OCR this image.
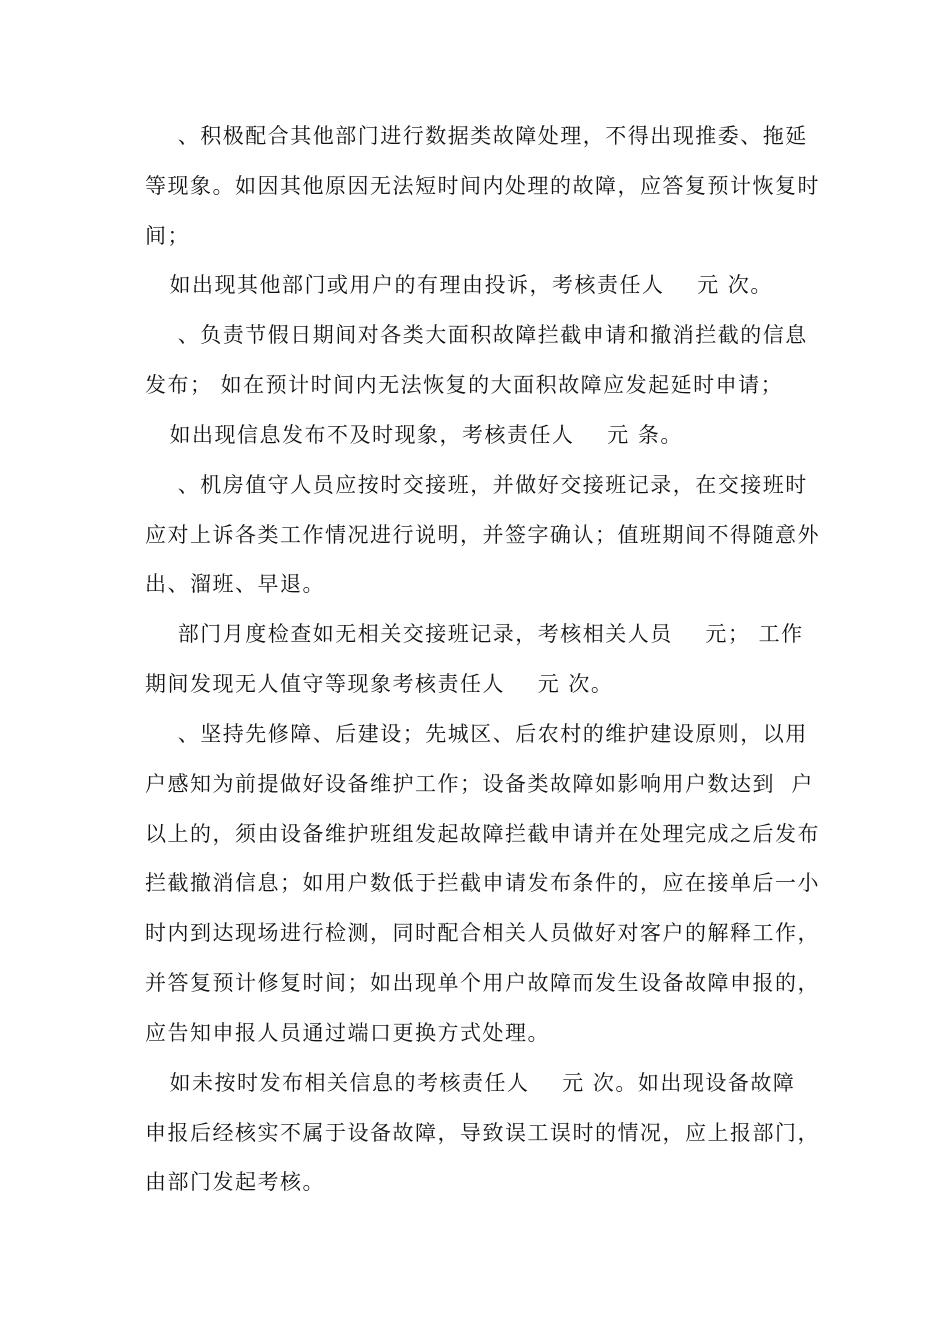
、积极配合其他部门进行数据类故障处理，不得出现推委、拖延
等现象。如因其他原因无法短时间内处理的故障，应答复预计恢复时
间；
如出现其他部门或用户的有理由投诉，考核责任人    元 次。
、负责节假日期间对各类大面积故障拦截申请和撤消拦截的信息
发布； 如在预计时间内无法恢复的大面积故障应发起延时申请；
如出现信息发布不及时现象，考核责任人    元 条。
、机房值守人员应按时交接班，并做好交接班记录，在交接班时
应对上诉各类工作情况进行说明，并签字确认；值班期间不得随意外
出、溜班、早退。
部门月度检查如无相关交接班记录，考核相关人员    元； 工作
期间发现无人值守等现象考核责任人    元 次。
、坚持先修障、后建设；先城区、后农村的维护建设原则，以用
户感知为前提做好设备维护工作；设备类故障如影响用户数达到  户
以上的，须由设备维护班组发起故障拦截申请并在处理完成之后发布
拦截撤消信息；如用户数低于拦截申请发布条件的，应在接单后一小
时内到达现场进行检测，同时配合相关人员做好对客户的解释工作，
并答复预计修复时间；如出现单个用户故障而发生设备故障申报的，
应告知申报人员通过端口更换方式处理。
如未按时发布相关信息的考核责任人    元 次。如出现设备故障
申报后经核实不属于设备故障，导致误工误时的情况，应上报部门，
由部门发起考核。
